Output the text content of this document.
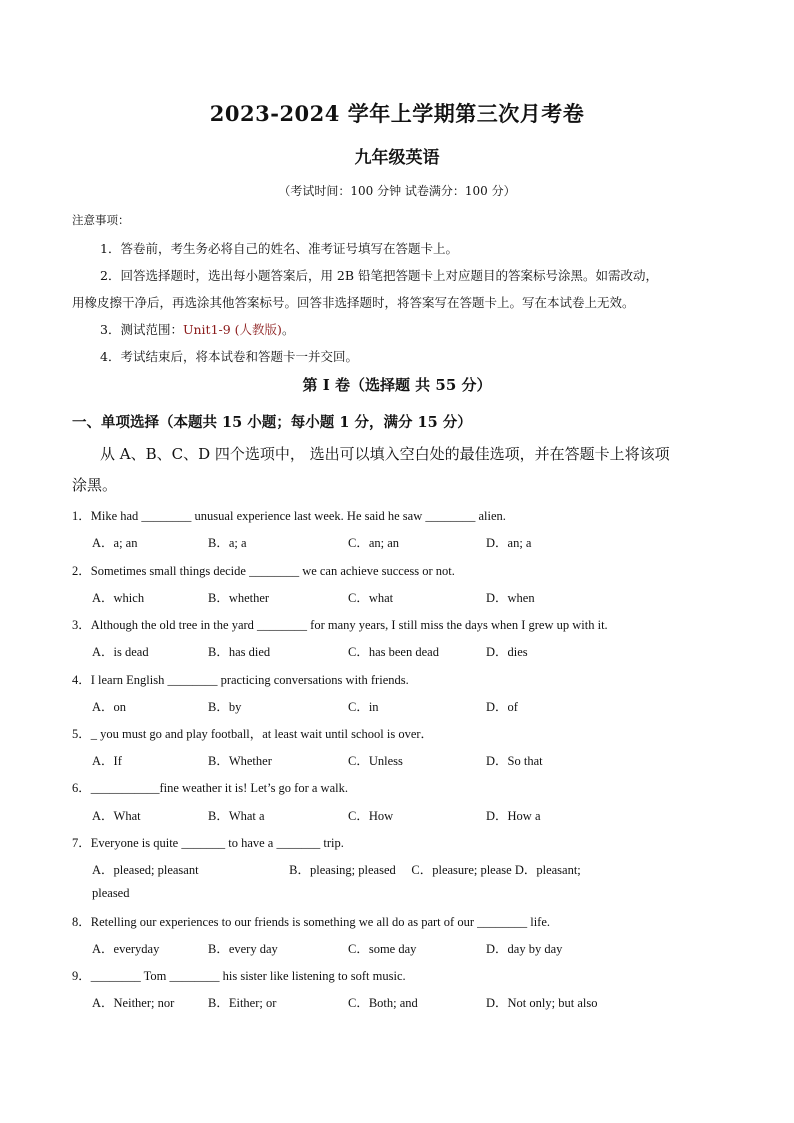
2023-2024 学年上学期第三次月考卷
九年级英语
（考试时间：100 分钟 试卷满分：100 分）
注意事项：
1．答卷前，考生务必将自己的姓名、准考证号填写在答题卡上。
2．回答选择题时，选出每小题答案后，用 2B 铅笔把答题卡上对应题目的答案标号涂黑。如需改动，
用橡皮擦干净后，再选涂其他答案标号。回答非选择题时，将答案写在答题卡上。写在本试卷上无效。
3．测试范围：Unit1-9 (人教版)。
4．考试结束后，将本试卷和答题卡一并交回。
第 I 卷（选择题 共 55 分）
一、单项选择（本题共 15 小题；每小题 1 分，满分 15 分）
从 A、B、C、D 四个选项中， 选出可以填入空白处的最佳选项，并在答题卡上将该项
涂黑。
1．Mike had ________ unusual experience last week. He said he saw ________ alien.
A．a; an	B．a; a	C．an; an	D．an; a
2．Sometimes small things decide ________ we can achieve success or not.
A．which	B．whether	C．what	D．when
3．Although the old tree in the yard ________ for many years, I still miss the days when I grew up with it.
A．is dead	B．has died	C．has been dead	D．dies
4．I learn English ________ practicing conversations with friends.
A．on	B．by	C．in	D．of
5．_ you must go and play football，at least wait until school is over．
A．If	B．Whether	C．Unless	D．So that
6．___________fine weather it is! Let’s go for a walk.
A．What	B．What a	C．How	D．How a
7．Everyone is quite _______ to have a _______ trip.
A．pleased; pleasant                             B．pleasing; pleased     C．pleasure; please D．pleasant;
pleased
8．Retelling our experiences to our friends is something we all do as part of our ________ life.
A．everyday	B．every day	C．some day	D．day by day
9．________ Tom ________ his sister like listening to soft music.
A．Neither; nor	B．Either; or	C．Both; and	D．Not only; but also
